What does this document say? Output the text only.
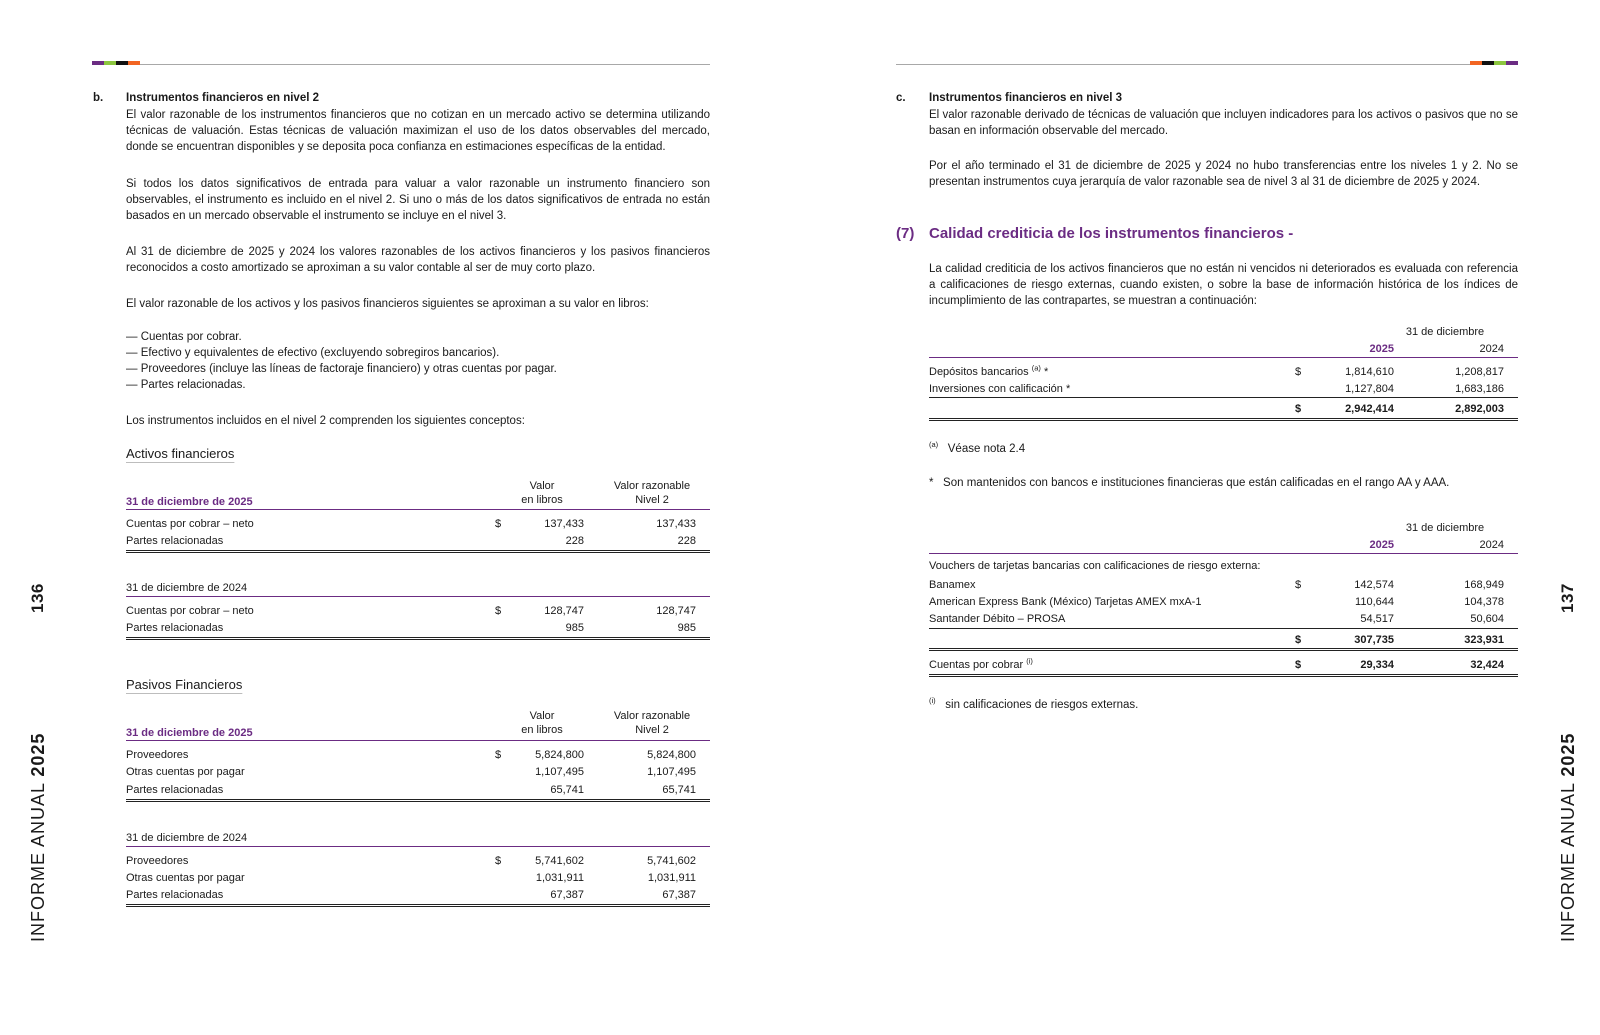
136
INFORME ANUAL 2025
b. Instrumentos financieros en nivel 2
El valor razonable de los instrumentos financieros que no cotizan en un mercado activo se determina utilizando técnicas de valuación. Estas técnicas de valuación maximizan el uso de los datos observables del mercado, donde se encuentran disponibles y se deposita poca confianza en estimaciones específicas de la entidad.
Si todos los datos significativos de entrada para valuar a valor razonable un instrumento financiero son observables, el instrumento es incluido en el nivel 2. Si uno o más de los datos significativos de entrada no están basados en un mercado observable el instrumento se incluye en el nivel 3.
Al 31 de diciembre de 2025 y 2024 los valores razonables de los activos financieros y los pasivos financieros reconocidos a costo amortizado se aproximan a su valor contable al ser de muy corto plazo.
El valor razonable de los activos y los pasivos financieros siguientes se aproximan a su valor en libros:
— Cuentas por cobrar.
— Efectivo y equivalentes de efectivo (excluyendo sobregiros bancarios).
— Proveedores (incluye las líneas de factoraje financiero) y otras cuentas por pagar.
— Partes relacionadas.
Los instrumentos incluidos en el nivel 2 comprenden los siguientes conceptos:
Activos financieros
Valor
en libros
Valor razonable
Nivel 2
31 de diciembre de 2025
Cuentas por cobrar – neto	$	137,433	137,433
Partes relacionadas	228	228
31 de diciembre de 2024
Cuentas por cobrar – neto	$	128,747	128,747
Partes relacionadas	985	985
Pasivos Financieros
Valor
en libros
Valor razonable
Nivel 2
31 de diciembre de 2025
Proveedores	$	5,824,800	5,824,800
Otras cuentas por pagar	1,107,495	1,107,495
Partes relacionadas	65,741	65,741
31 de diciembre de 2024
Proveedores	$	5,741,602	5,741,602
Otras cuentas por pagar	1,031,911	1,031,911
Partes relacionadas	67,387	67,387
137
INFORME ANUAL 2025
c. Instrumentos financieros en nivel 3
El valor razonable derivado de técnicas de valuación que incluyen indicadores para los activos o pasivos que no se basan en información observable del mercado.
Por el año terminado el 31 de diciembre de 2025 y 2024 no hubo transferencias entre los niveles 1 y 2. No se presentan instrumentos cuya jerarquía de valor razonable sea de nivel 3 al 31 de diciembre de 2025 y 2024.
(7) Calidad crediticia de los instrumentos financieros -
La calidad crediticia de los activos financieros que no están ni vencidos ni deteriorados es evaluada con referencia a calificaciones de riesgo externas, cuando existen, o sobre la base de información histórica de los índices de incumplimiento de las contrapartes, se muestran a continuación:
31 de diciembre
2025	2024
Depósitos bancarios $^{(a)}$ *	$	1,814,610	1,208,817
Inversiones con calificación *	1,127,804	1,683,186
$	2,942,414	2,892,003
$^{(a)}$ Véase nota 2.4
*   Son mantenidos con bancos e instituciones financieras que están calificadas en el rango AA y AAA.
31 de diciembre
2025	2024
Vouchers de tarjetas bancarias con calificaciones de riesgo externa:
Banamex	$	142,574	168,949
American Express Bank (México) Tarjetas AMEX mxA-1	110,644	104,378
Santander Débito – PROSA	54,517	50,604
$	307,735	323,931
Cuentas por cobrar $^{(i)}$	$	29,334	32,424
$^{(i)}$ sin calificaciones de riesgos externas.
